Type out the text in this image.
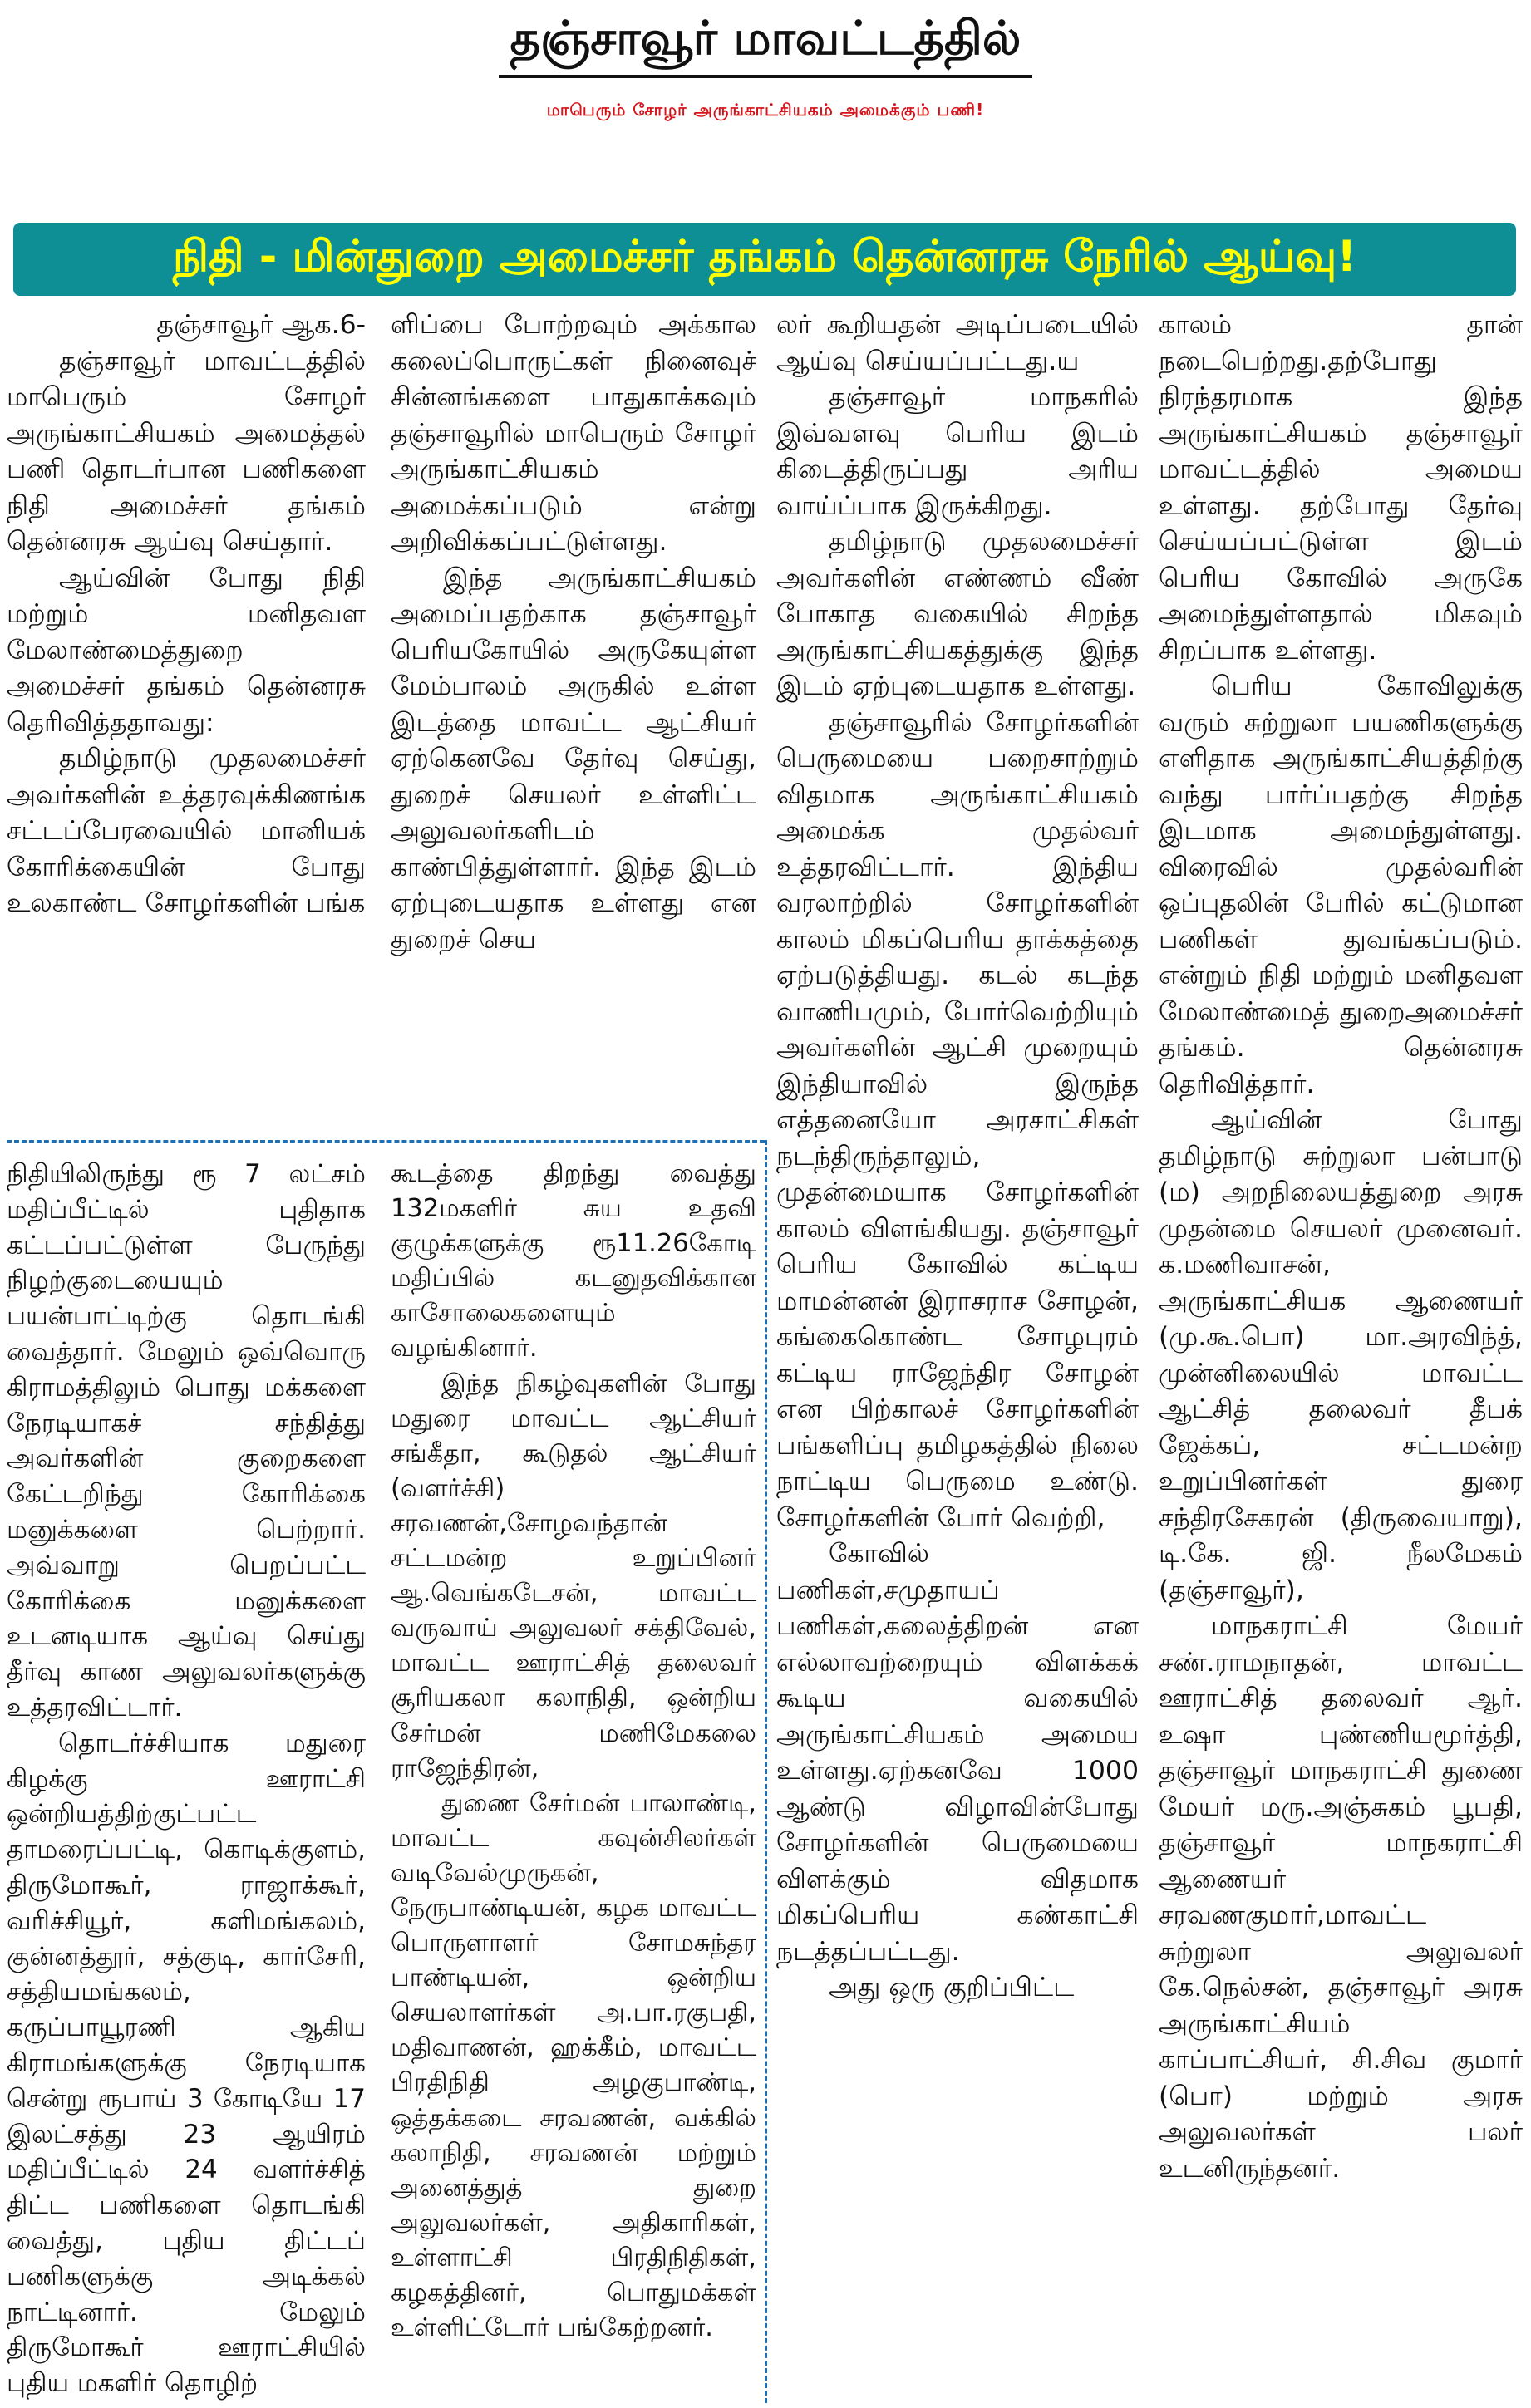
தஞ்சாவூர் மாவட்டத்தில்
மாபெரும் சோழர் அருங்காட்சியகம் அமைக்கும் பணி!
நிதி - மின்துறை அமைச்சர் தங்கம் தென்னரசு நேரில் ஆய்வு!

தஞ்சாவூர் ஆக.6-

தஞ்சாவூர் மாவட்டத்தில் மாபெரும் சோழர் அருங்காட்சியகம் அமைத்தல் பணி தொடர்பான பணிகளை நிதி அமைச்சர் தங்கம் தென்னரசு ஆய்வு செய்தார்.

ஆய்வின் போது நிதி மற்றும் மனிதவள மேலாண்மைத்துறை அமைச்சர் தங்கம் தென்னரசு தெரிவித்ததாவது:

தமிழ்நாடு முதலமைச்சர் அவர்களின் உத்தரவுக்கிணங்க சட்டப்பேரவையில் மானியக் கோரிக்கையின் போது உலகாண்ட சோழர்களின் பங்க

ளிப்பை போற்றவும் அக்கால கலைப்பொருட்கள் நினைவுச் சின்னங்களை பாதுகாக்கவும் தஞ்சாவூரில் மாபெரும் சோழர் அருங்காட்சியகம் அமைக்கப்படும் என்று அறிவிக்கப்பட்டுள்ளது.

இந்த அருங்காட்சியகம் அமைப்பதற்காக தஞ்சாவூர் பெரியகோயில் அருகேயுள்ள மேம்பாலம் அருகில் உள்ள இடத்தை மாவட்ட ஆட்சியர் ஏற்கெனவே தேர்வு செய்து, துறைச் செயலர் உள்ளிட்ட அலுவலர்களிடம் காண்பித்துள்ளார். இந்த இடம் ஏற்புடையதாக உள்ளது என துறைச் செய

நிதியிலிருந்து ரூ 7 லட்சம் மதிப்பீட்டில் புதிதாக கட்டப்பட்டுள்ள பேருந்து நிழற்குடையையும் பயன்பாட்டிற்கு தொடங்கி வைத்தார். மேலும் ஒவ்வொரு கிராமத்திலும் பொது மக்களை நேரடியாகச் சந்தித்து அவர்களின் குறைகளை கேட்டறிந்து கோரிக்கை மனுக்களை பெற்றார். அவ்வாறு பெறப்பட்ட கோரிக்கை மனுக்களை உடனடியாக ஆய்வு செய்து தீர்வு காண அலுவலர்களுக்கு உத்தரவிட்டார்.

தொடர்ச்சியாக மதுரை கிழக்கு ஊராட்சி ஒன்றியத்திற்குட்பட்ட தாமரைப்பட்டி, கொடிக்குளம், திருமோகூர், ராஜாக்கூர், வரிச்சியூர், களிமங்கலம், குன்னத்தூர், சத்குடி, கார்சேரி, சத்தியமங்கலம், கருப்பாயூரணி ஆகிய கிராமங்களுக்கு நேரடியாக சென்று ரூபாய் 3 கோடியே 17 இலட்சத்து 23 ஆயிரம் மதிப்பீட்டில் 24 வளர்ச்சித் திட்ட பணிகளை தொடங்கி வைத்து, புதிய திட்டப் பணிகளுக்கு அடிக்கல் நாட்டினார். மேலும் திருமோகூர் ஊராட்சியில் புதிய மகளிர் தொழிற்

கூடத்தை திறந்து வைத்து 132மகளிர் சுய உதவி குழுக்களுக்கு ரூ11.26கோடி மதிப்பில் கடனுதவிக்கான காசோலைகளையும் வழங்கினார்.

இந்த நிகழ்வுகளின் போது மதுரை மாவட்ட ஆட்சியர் சங்கீதா, கூடுதல் ஆட்சியர் (வளர்ச்சி) சரவணன்,சோழவந்தான் சட்டமன்ற உறுப்பினர் ஆ.வெங்கடேசன், மாவட்ட வருவாய் அலுவலர் சக்திவேல், மாவட்ட ஊராட்சித் தலைவர் சூரியகலா கலாநிதி, ஒன்றிய சேர்மன் மணிமேகலை ராஜேந்திரன்,

துணை சேர்மன் பாலாண்டி, மாவட்ட கவுன்சிலர்கள் வடிவேல்முருகன், நேருபாண்டியன், கழக மாவட்ட பொருளாளர் சோமசுந்தர பாண்டியன், ஒன்றிய செயலாளர்கள் அ.பா.ரகுபதி, மதிவாணன், ஹக்கீம், மாவட்ட பிரதிநிதி அழகுபாண்டி, ஒத்தக்கடை சரவணன், வக்கில் கலாநிதி, சரவணன் மற்றும் அனைத்துத் துறை அலுவலர்கள், அதிகாரிகள், உள்ளாட்சி பிரதிநிதிகள், கழகத்தினர், பொதுமக்கள் உள்ளிட்டோர் பங்கேற்றனர்.

லர் கூறியதன் அடிப்படையில் ஆய்வு செய்யப்பட்டது.ய

தஞ்சாவூர் மாநகரில் இவ்வளவு பெரிய இடம் கிடைத்திருப்பது அரிய வாய்ப்பாக இருக்கிறது.

தமிழ்நாடு முதலமைச்சர் அவர்களின் எண்ணம் வீண் போகாத வகையில் சிறந்த அருங்காட்சியகத்துக்கு இந்த இடம் ஏற்புடையதாக உள்ளது.

தஞ்சாவூரில் சோழர்களின் பெருமையை பறைசாற்றும் விதமாக அருங்காட்சியகம் அமைக்க முதல்வர் உத்தரவிட்டார். இந்திய வரலாற்றில் சோழர்களின் காலம் மிகப்பெரிய தாக்கத்தை ஏற்படுத்தியது. கடல் கடந்த வாணிபமும், போர்வெற்றியும் அவர்களின் ஆட்சி முறையும் இந்தியாவில் இருந்த எத்தனையோ அரசாட்சிகள் நடந்திருந்தாலும், முதன்மையாக சோழர்களின் காலம் விளங்கியது. தஞ்சாவூர் பெரிய கோவில் கட்டிய மாமன்னன் இராசராச சோழன், கங்கைகொண்ட சோழபுரம் கட்டிய ராஜேந்திர சோழன் என பிற்காலச் சோழர்களின் பங்களிப்பு தமிழகத்தில் நிலை நாட்டிய பெருமை உண்டு. சோழர்களின் போர் வெற்றி,

கோவில் பணிகள்,சமுதாயப் பணிகள்,கலைத்திறன் என எல்லாவற்றையும் விளக்கக் கூடிய வகையில் அருங்காட்சியகம் அமைய உள்ளது.ஏற்கனவே 1000 ஆண்டு விழாவின்போது சோழர்களின் பெருமையை விளக்கும் விதமாக மிகப்பெரிய கண்காட்சி நடத்தப்பட்டது.

அது ஒரு குறிப்பிட்ட

காலம் தான் நடைபெற்றது.தற்போது நிரந்தரமாக இந்த அருங்காட்சியகம் தஞ்சாவூர் மாவட்டத்தில் அமைய உள்ளது. தற்போது தேர்வு செய்யப்பட்டுள்ள இடம் பெரிய கோவில் அருகே அமைந்துள்ளதால் மிகவும் சிறப்பாக உள்ளது.

பெரிய கோவிலுக்கு வரும் சுற்றுலா பயணிகளுக்கு எளிதாக அருங்காட்சியத்திற்கு வந்து பார்ப்பதற்கு சிறந்த இடமாக அமைந்துள்ளது. விரைவில் முதல்வரின் ஒப்புதலின் பேரில் கட்டுமான பணிகள் துவங்கப்படும். என்றும் நிதி மற்றும் மனிதவள மேலாண்மைத் துறைஅமைச்சர் தங்கம். தென்னரசு தெரிவித்தார்.

ஆய்வின் போது தமிழ்நாடு சுற்றுலா பன்பாடு (ம) அறநிலையத்துறை அரசு முதன்மை செயலர் முனைவர். க.மணிவாசன், அருங்காட்சியக ஆணையர் (மு.கூ.பொ) மா.அரவிந்த், முன்னிலையில் மாவட்ட ஆட்சித் தலைவர் தீபக் ஜேக்கப், சட்டமன்ற உறுப்பினர்கள் துரை சந்திரசேகரன் (திருவையாறு), டி.கே. ஜி. நீலமேகம் (தஞ்சாவூர்),

மாநகராட்சி மேயர் சண்.ராமநாதன், மாவட்ட ஊராட்சித் தலைவர் ஆர். உஷா புண்ணியமூர்த்தி, தஞ்சாவூர் மாநகராட்சி துணை மேயர் மரு.அஞ்சுகம் பூபதி, தஞ்சாவூர் மாநகராட்சி ஆணையர் சரவணகுமார்,மாவட்ட சுற்றுலா அலுவலர் கே.நெல்சன், தஞ்சாவூர் அரசு அருங்காட்சியம் காப்பாட்சியர், சி.சிவ குமார் (பொ) மற்றும் அரசு அலுவலர்கள் பலர் உடனிருந்தனர்.
